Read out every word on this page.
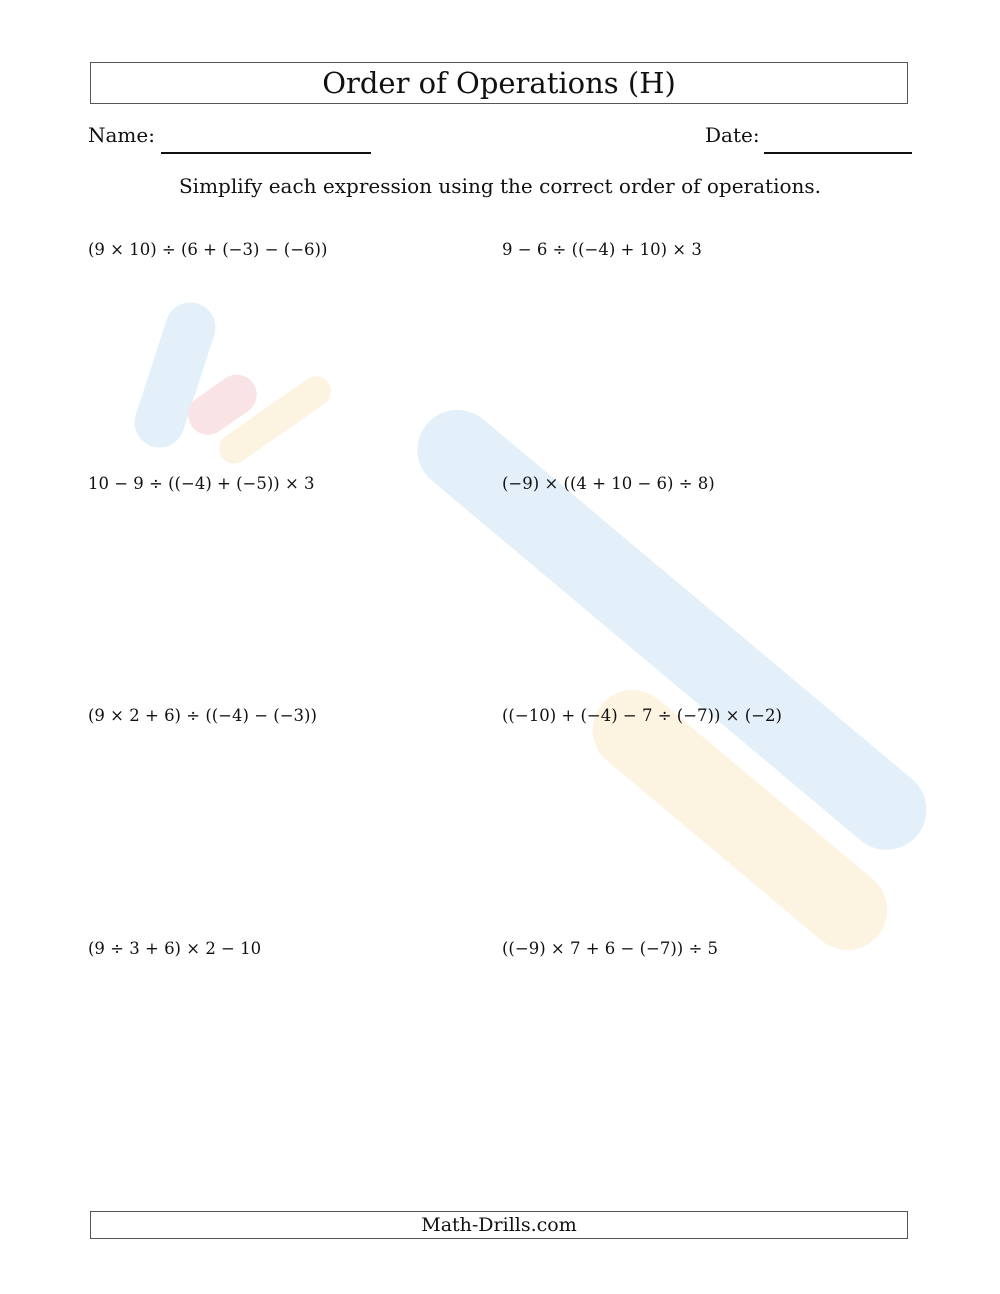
Order of Operations (H)
Name:	Date:
Simplify each expression using the correct order of operations.
(9 × 10) ÷ (6 + (−3) − (−6))	9 − 6 ÷ ((−4) + 10) × 3
10 − 9 ÷ ((−4) + (−5)) × 3	(−9) × ((4 + 10 − 6) ÷ 8)
(9 × 2 + 6) ÷ ((−4) − (−3))	((−10) + (−4) − 7 ÷ (−7)) × (−2)
(9 ÷ 3 + 6) × 2 − 10	((−9) × 7 + 6 − (−7)) ÷ 5
Math-Drills.com
